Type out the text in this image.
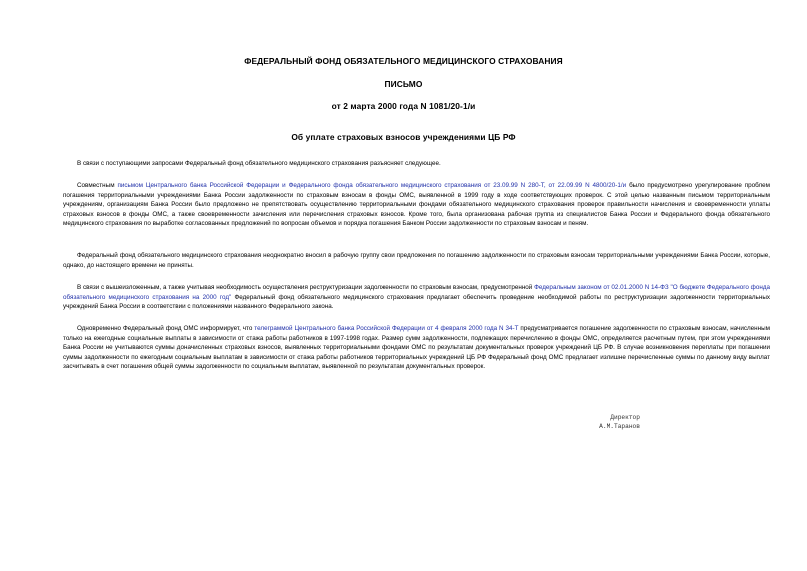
ФЕДЕРАЛЬНЫЙ ФОНД ОБЯЗАТЕЛЬНОГО МЕДИЦИНСКОГО СТРАХОВАНИЯ
ПИСЬМО
от 2 марта 2000 года N 1081/20-1/и
Об уплате страховых взносов учреждениями ЦБ РФ

В связи с поступающими запросами Федеральный фонд обязательного медицинского страхования разъясняет следующее.

Совместным письмом Центрального банка Российской Федерации и Федерального фонда обязательного медицинского страхования от 23.09.99 N 280-Т, от 22.09.99 N 4800/20-1/и было предусмотрено урегулирование проблем погашения территориальными учреждениями Банка России задолженности по страховым взносам в фонды ОМС, выявленной в 1999 году в ходе соответствующих проверок. С этой целью названным письмом территориальным учреждениям, организациям Банка России было предложено не препятствовать осуществлению территориальными фондами обязательного медицинского страхования проверок правильности начисления и своевременности уплаты страховых взносов в фонды ОМС, а также своевременности зачисления или перечисления страховых взносов. Кроме того, была организована рабочая группа из специалистов Банка России и Федерального фонда обязательного медицинского страхования по выработке согласованных предложений по вопросам объемов и порядка погашения Банком России задолженности по страховым взносам и пеням.

Федеральный фонд обязательного медицинского страхования неоднократно вносил в рабочую группу свои предложения по погашению задолженности по страховым взносам территориальными учреждениями Банка России, которые, однако, до настоящего времени не приняты.

В связи с вышеизложенным, а также учитывая необходимость осуществления реструктуризации задолженности по страховым взносам, предусмотренной Федеральным законом от 02.01.2000 N 14-ФЗ "О бюджете Федерального фонда обязательного медицинского страхования на 2000 год" Федеральный фонд обязательного медицинского страхования предлагает обеспечить проведение необходимой работы по реструктуризации задолженности территориальных учреждений Банка России в соответствии с положениями названного Федерального закона.

Одновременно Федеральный фонд ОМС информирует, что телеграммой Центрального банка Российской Федерации от 4 февраля 2000 года N 34-Т предусматривается погашение задолженности по страховым взносам, начисленным только на ежегодные социальные выплаты в зависимости от стажа работы работников в 1997-1998 годах. Размер сумм задолженности, подлежащих перечислению в фонды ОМС, определяется расчетным путем, при этом учреждениями Банка России не учитываются суммы доначисленных страховых взносов, выявленных территориальными фондами ОМС по результатам документальных проверок учреждений ЦБ РФ. В случае возникновения переплаты при погашении суммы задолженности по ежегодным социальным выплатам в зависимости от стажа работы работников территориальных учреждений ЦБ РФ Федеральный фонд ОМС предлагает излишне перечисленные суммы по данному виду выплат засчитывать в счет погашения общей суммы задолженности по социальным выплатам, выявленной по результатам документальных проверок.

Директор
А.М.Таранов
